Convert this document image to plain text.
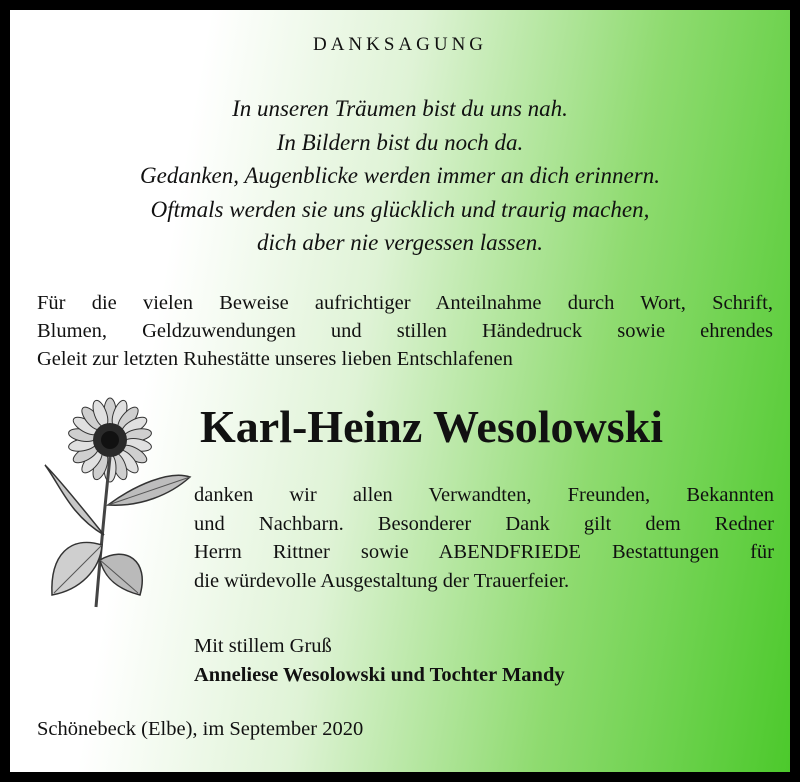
DANKSAGUNG
In unseren Träumen bist du uns nah.
In Bildern bist du noch da.
Gedanken, Augenblicke werden immer an dich erinnern.
Oftmals werden sie uns glücklich und traurig machen,
dich aber nie vergessen lassen.
Für die vielen Beweise aufrichtiger Anteilnahme durch Wort, Schrift,
Blumen, Geldzuwendungen und stillen Händedruck sowie ehrendes
Geleit zur letzten Ruhestätte unseres lieben Entschlafenen
Karl-Heinz Wesolowski
danken wir allen Verwandten, Freunden, Bekannten
und Nachbarn. Besonderer Dank gilt dem Redner
Herrn Rittner sowie ABENDFRIEDE Bestattungen für
die würdevolle Ausgestaltung der Trauerfeier.
Mit stillem Gruß
Anneliese Wesolowski und Tochter Mandy
Schönebeck (Elbe), im September 2020
